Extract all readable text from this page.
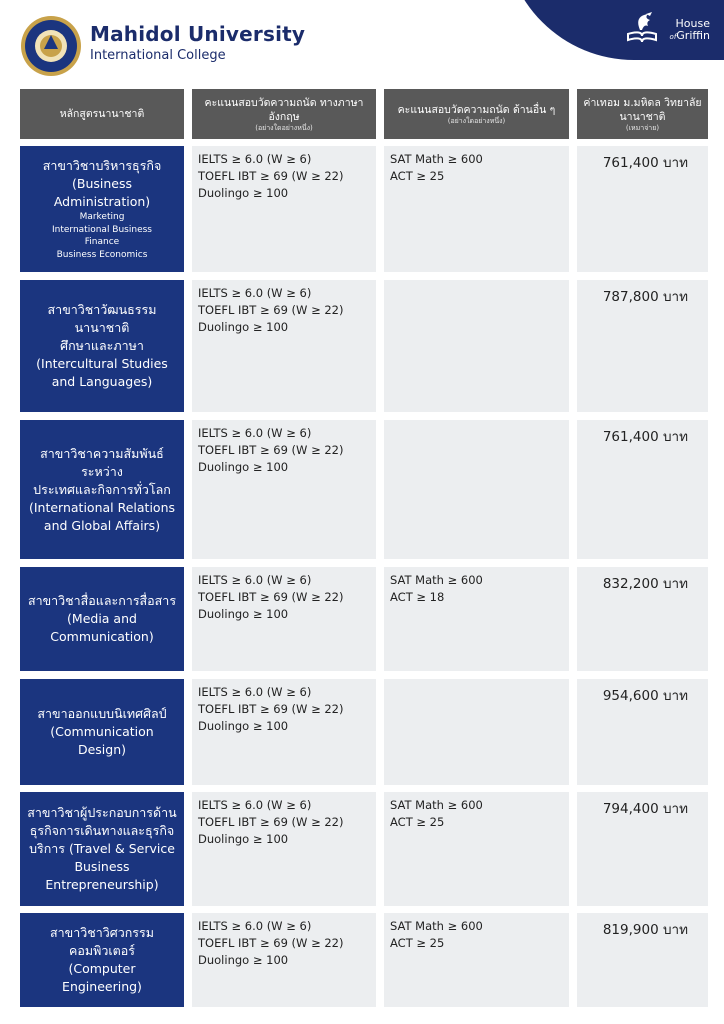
House
ofGriffin
Mahidol University
International College
หลักสูตรนานาชาติ
คะแนนสอบวัดความถนัด ทางภาษาอังกฤษ
(อย่างใดอย่างหนึ่ง)
คะแนนสอบวัดความถนัด ด้านอื่น ๆ
(อย่างใดอย่างหนึ่ง)
ค่าเทอม ม.มหิดล วิทยาลัยนานาชาติ
(เหมาจ่าย)
สาขาวิชาบริหารธุรกิจ
(Business
Administration)
Marketing
International Business
Finance
Business Economics
IELTS ≥ 6.0 (W ≥ 6)
TOEFL IBT ≥ 69 (W ≥ 22)
Duolingo ≥ 100
SAT Math ≥ 600
ACT ≥ 25
761,400 บาท
สาขาวิชาวัฒนธรรมนานาชาติ
ศึกษาและภาษา
(Intercultural Studies
and Languages)
IELTS ≥ 6.0 (W ≥ 6)
TOEFL IBT ≥ 69 (W ≥ 22)
Duolingo ≥ 100
787,800 บาท
สาขาวิชาความสัมพันธ์ระหว่าง
ประเทศและกิจการทั่วโลก
(International Relations
and Global Affairs)
IELTS ≥ 6.0 (W ≥ 6)
TOEFL IBT ≥ 69 (W ≥ 22)
Duolingo ≥ 100
761,400 บาท
สาขาวิชาสื่อและการสื่อสาร
(Media and
Communication)
IELTS ≥ 6.0 (W ≥ 6)
TOEFL IBT ≥ 69 (W ≥ 22)
Duolingo ≥ 100
SAT Math ≥ 600
ACT ≥ 18
832,200 บาท
สาขาออกแบบนิเทศศิลป์
(Communication
Design)
IELTS ≥ 6.0 (W ≥ 6)
TOEFL IBT ≥ 69 (W ≥ 22)
Duolingo ≥ 100
954,600 บาท
สาขาวิชาผู้ประกอบการด้าน
ธุรกิจการเดินทางและธุรกิจ
บริการ (Travel & Service
Business
Entrepreneurship)
IELTS ≥ 6.0 (W ≥ 6)
TOEFL IBT ≥ 69 (W ≥ 22)
Duolingo ≥ 100
SAT Math ≥ 600
ACT ≥ 25
794,400 บาท
สาขาวิชาวิศวกรรม
คอมพิวเตอร์
(Computer
Engineering)
IELTS ≥ 6.0 (W ≥ 6)
TOEFL IBT ≥ 69 (W ≥ 22)
Duolingo ≥ 100
SAT Math ≥ 600
ACT ≥ 25
819,900 บาท
